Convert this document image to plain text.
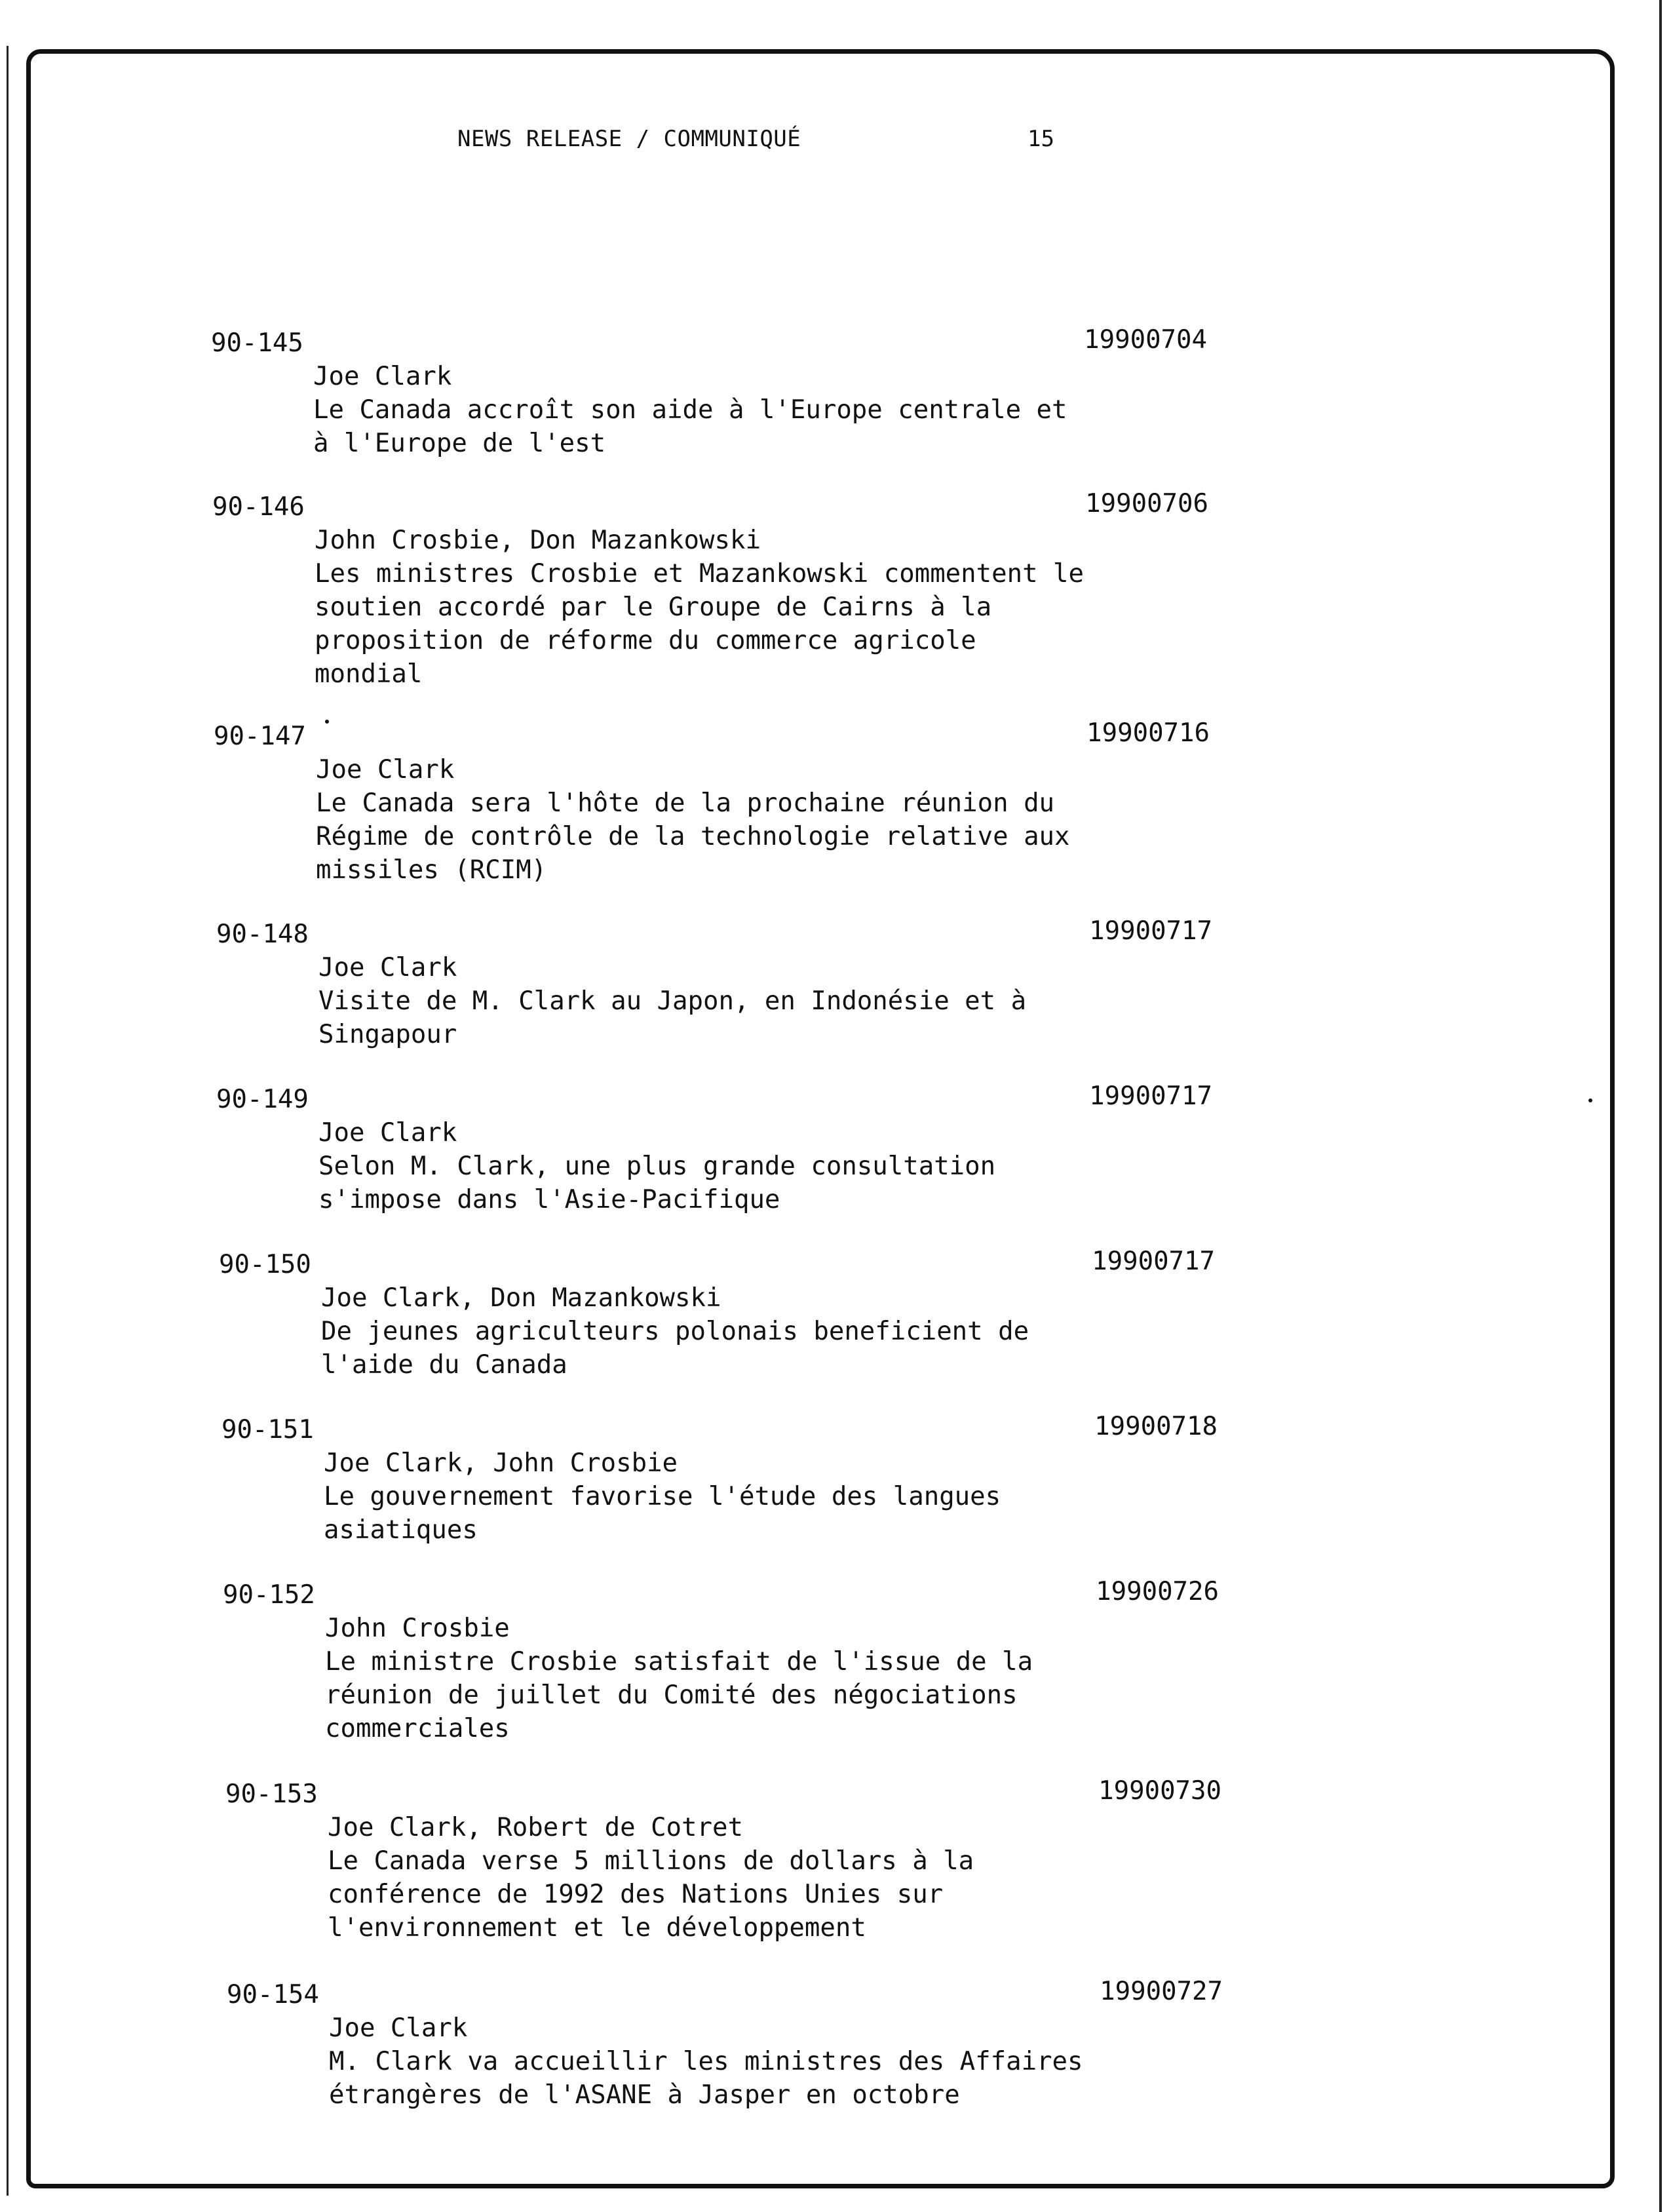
NEWS RELEASE / COMMUNIQUÉ	15
90-145	19900704
Joe Clark
Le Canada accroît son aide à l'Europe centrale et
à l'Europe de l'est
90-146	19900706
John Crosbie, Don Mazankowski
Les ministres Crosbie et Mazankowski commentent le
soutien accordé par le Groupe de Cairns à la
proposition de réforme du commerce agricole
mondial
90-147	19900716
Joe Clark
Le Canada sera l'hôte de la prochaine réunion du
Régime de contrôle de la technologie relative aux
missiles (RCIM)
90-148	19900717
Joe Clark
Visite de M. Clark au Japon, en Indonésie et à
Singapour
90-149	19900717
Joe Clark
Selon M. Clark, une plus grande consultation
s'impose dans l'Asie-Pacifique
90-150	19900717
Joe Clark, Don Mazankowski
De jeunes agriculteurs polonais beneficient de
l'aide du Canada
90-151	19900718
Joe Clark, John Crosbie
Le gouvernement favorise l'étude des langues
asiatiques
90-152	19900726
John Crosbie
Le ministre Crosbie satisfait de l'issue de la
réunion de juillet du Comité des négociations
commerciales
90-153	19900730
Joe Clark, Robert de Cotret
Le Canada verse 5 millions de dollars à la
conférence de 1992 des Nations Unies sur
l'environnement et le développement
90-154	19900727
Joe Clark
M. Clark va accueillir les ministres des Affaires
étrangères de l'ASANE à Jasper en octobre
